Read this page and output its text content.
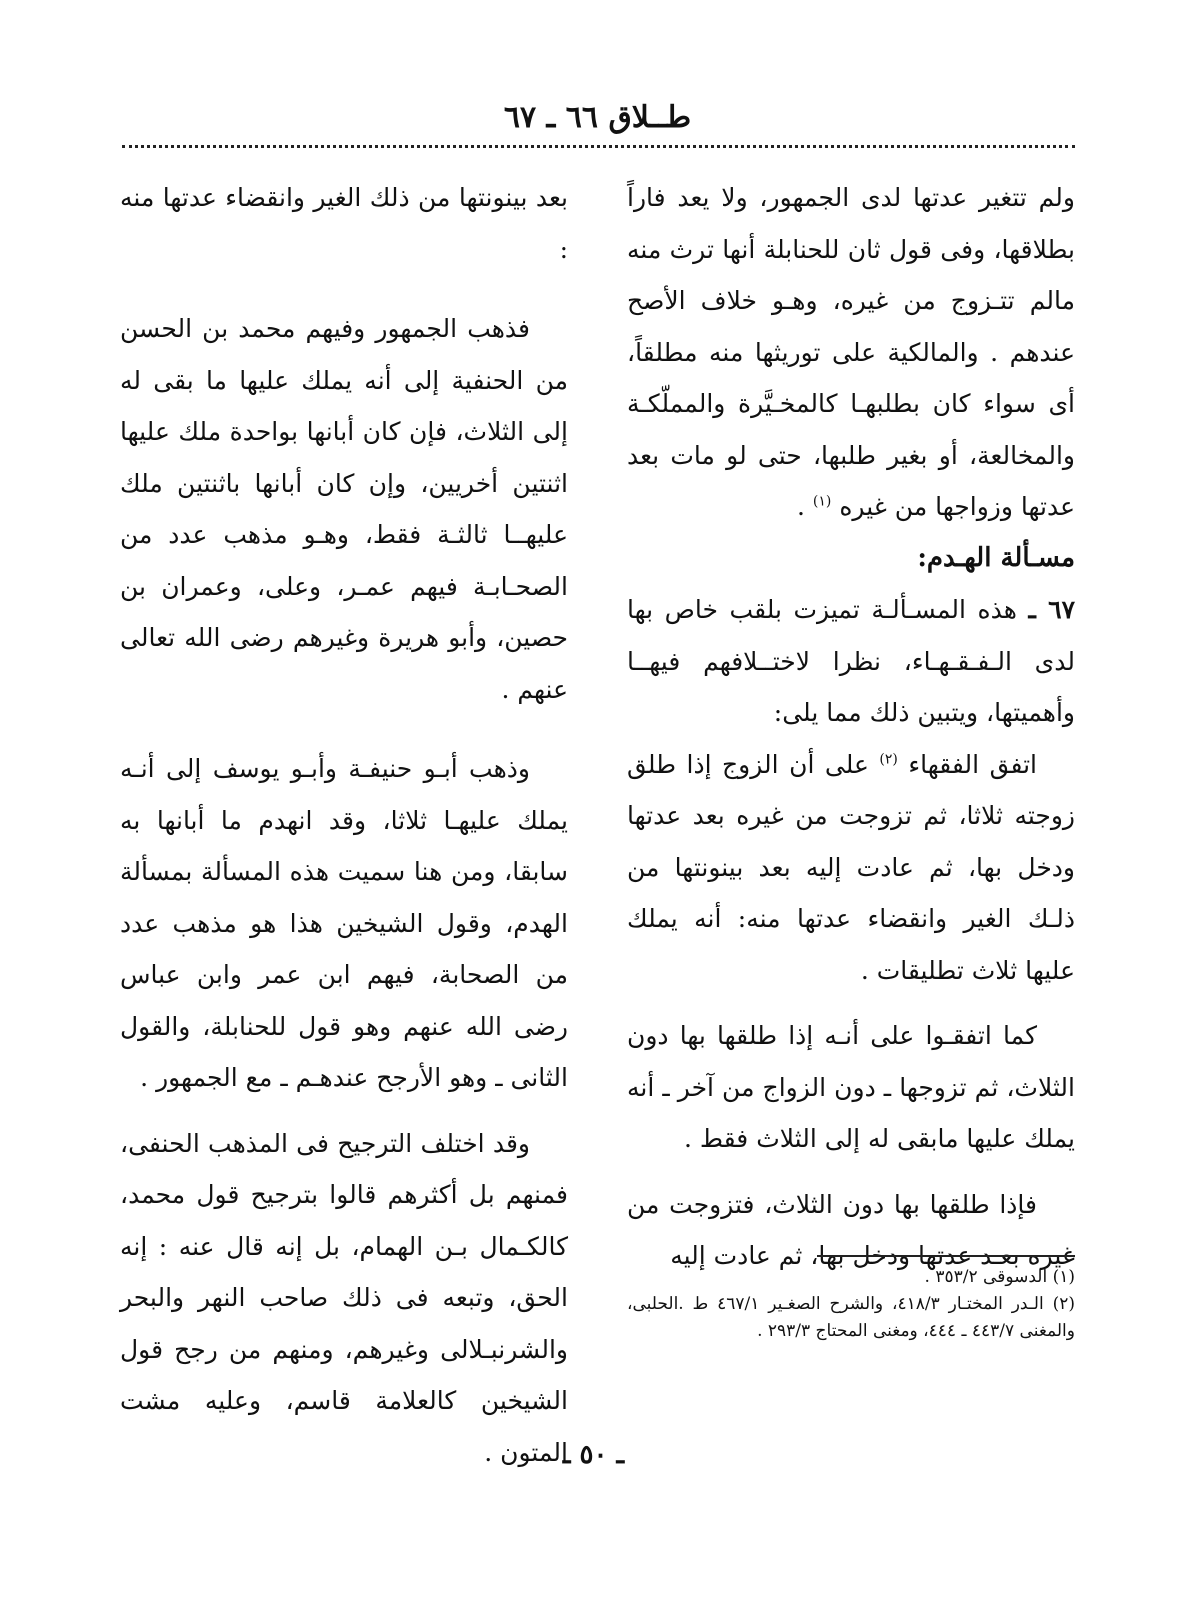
طــلاق ٦٦ ـ ٦٧

ولم تتغير عدتها لدى الجمهور، ولا يعد فاراً بطلاقها، وفى قول ثان للحنابلة أنها ترث منه مالم تتـزوج من غيره، وهـو خلاف الأصح عندهم . والمالكية على توريثها منه مطلقاً، أى سواء كان بطلبهـا كالمخـيَّرة والمملّكـة والمخالعة، أو بغير طلبها، حتى لو مات بعد عدتها وزواجها من غيره $^{(١)}$ .

مسـألة الهـدم:

٦٧ ـ هذه المسـألـة تميزت بلقب خاص بها لدى الـفـقـهـاء، نظرا لاختــلافهم فيهــا وأهميتها، ويتبين ذلك مما يلى:

اتفق الفقهاء $^{(٢)}$ على أن الزوج إذا طلق زوجته ثلاثا، ثم تزوجت من غيره بعد عدتها ودخل بها، ثم عادت إليه بعد بينونتها من ذلـك الغير وانقضاء عدتها منه: أنه يملك عليها ثلاث تطليقات .

كما اتفقـوا على أنـه إذا طلقها بها دون الثلاث، ثم تزوجها ـ دون الزواج من آخر ـ أنه يملك عليها مابقى له إلى الثلاث فقط .

فإذا طلقها بها دون الثلاث، فتزوجت من غيره بعـد عدتها ودخل بها، ثم عادت إليه

بعد بينونتها من ذلك الغير وانقضاء عدتها منه :

فذهب الجمهور وفيهم محمد بن الحسن من الحنفية إلى أنه يملك عليها ما بقى له إلى الثلاث، فإن كان أبانها بواحدة ملك عليها اثنتين أخريين، وإن كان أبانها باثنتين ملك عليهــا ثالثـة فقط، وهـو مذهب عدد من الصحـابـة فيهم عمـر، وعلى، وعمران بن حصين، وأبو هريرة وغيرهم رضى الله تعالى عنهم .

وذهب أبـو حنيفـة وأبـو يوسف إلى أنـه يملك عليهـا ثلاثا، وقد انهدم ما أبانها به سابقا، ومن هنا سميت هذه المسألة بمسألة الهدم، وقول الشيخين هذا هو مذهب عدد من الصحابة، فيهم ابن عمر وابن عباس رضى الله عنهم وهو قول للحنابلة، والقول الثانى ـ وهو الأرجح عندهـم ـ مع الجمهور .

وقد اختلف الترجيح فى المذهب الحنفى، فمنهم بل أكثرهم قالوا بترجيح قول محمد، كالكـمال بـن الهمام، بل إنه قال عنه : إنه الحق، وتبعه فى ذلك صاحب النهر والبحر والشرنبـلالى وغيرهم، ومنهم من رجح قول الشيخين كالعلامة قاسم، وعليه مشت المتون .

(١) الدسوقى ٣٥٣/٢ .

(٢) الـدر المختـار ٤١٨/٣، والشرح الصغـير ٤٦٧/١ ط .الحلبى، والمغنى ٤٤٣/٧ ـ ٤٤٤، ومغنى المحتاج ٢٩٣/٣ .

ـ ٥٠ ـ
